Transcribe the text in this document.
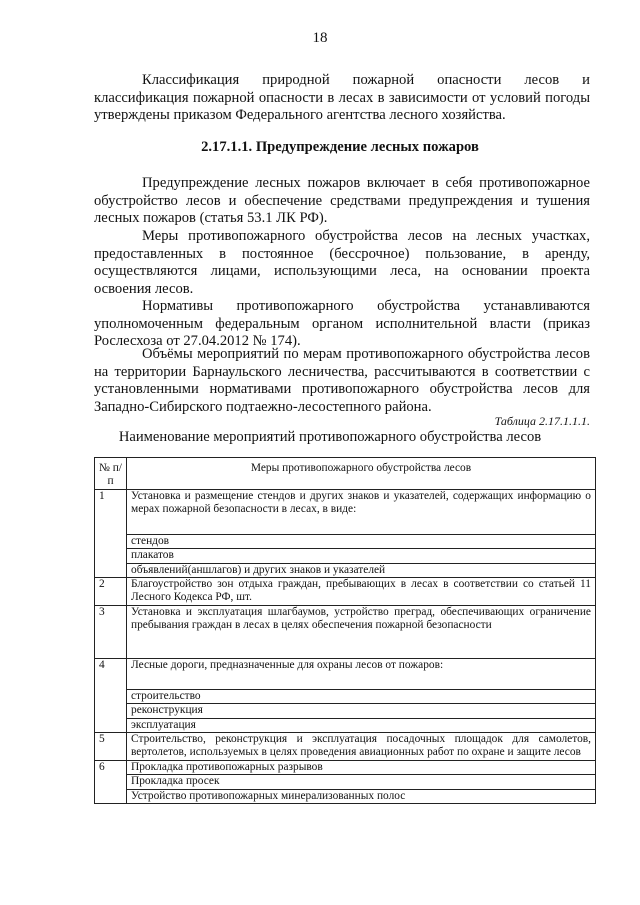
18
Классификация природной пожарной опасности лесов и классификация пожарной опасности в лесах в зависимости от условий погоды утверждены приказом Федерального агентства лесного хозяйства.
2.17.1.1. Предупреждение лесных пожаров
Предупреждение лесных пожаров включает в себя противопожарное обустройство лесов и обеспечение средствами предупреждения и тушения лесных пожаров (статья 53.1 ЛК РФ).
Меры противопожарного обустройства лесов на лесных участках, предоставленных в постоянное (бессрочное) пользование, в аренду, осуществляются лицами, использующими леса, на основании проекта освоения лесов.
Нормативы противопожарного обустройства устанавливаются уполномоченным федеральным органом исполнительной власти (приказ Рослесхоза от 27.04.2012 № 174).
Объёмы мероприятий по мерам противопожарного обустройства лесов на территории Барнаульского лесничества, рассчитываются в соответствии с установленными нормативами противопожарного обустройства лесов для Западно-Сибирского подтаежно-лесостепного района.
Таблица 2.17.1.1.1.
Наименование мероприятий противопожарного обустройства лесов
№ п/п	Меры противопожарного обустройства лесов
1	Установка и размещение стендов и других знаков и указателей, содержащих информацию о мерах пожарной безопасности в лесах, в виде:
	стендов
	плакатов
	объявлений(аншлагов) и других знаков и указателей
2	Благоустройство зон отдыха граждан, пребывающих в лесах в соответствии со статьей 11 Лесного Кодекса РФ, шт.
3	Установка и эксплуатация шлагбаумов, устройство преград, обеспечивающих ограничение пребывания граждан в лесах в целях обеспечения пожарной безопасности
4	Лесные дороги, предназначенные для охраны лесов от пожаров:
	строительство
	реконструкция
	эксплуатация
5	Строительство, реконструкция и эксплуатация посадочных площадок для самолетов, вертолетов, используемых в целях проведения авиационных работ по охране и защите лесов
6	Прокладка противопожарных разрывов
	Прокладка просек
	Устройство противопожарных минерализованных полос
